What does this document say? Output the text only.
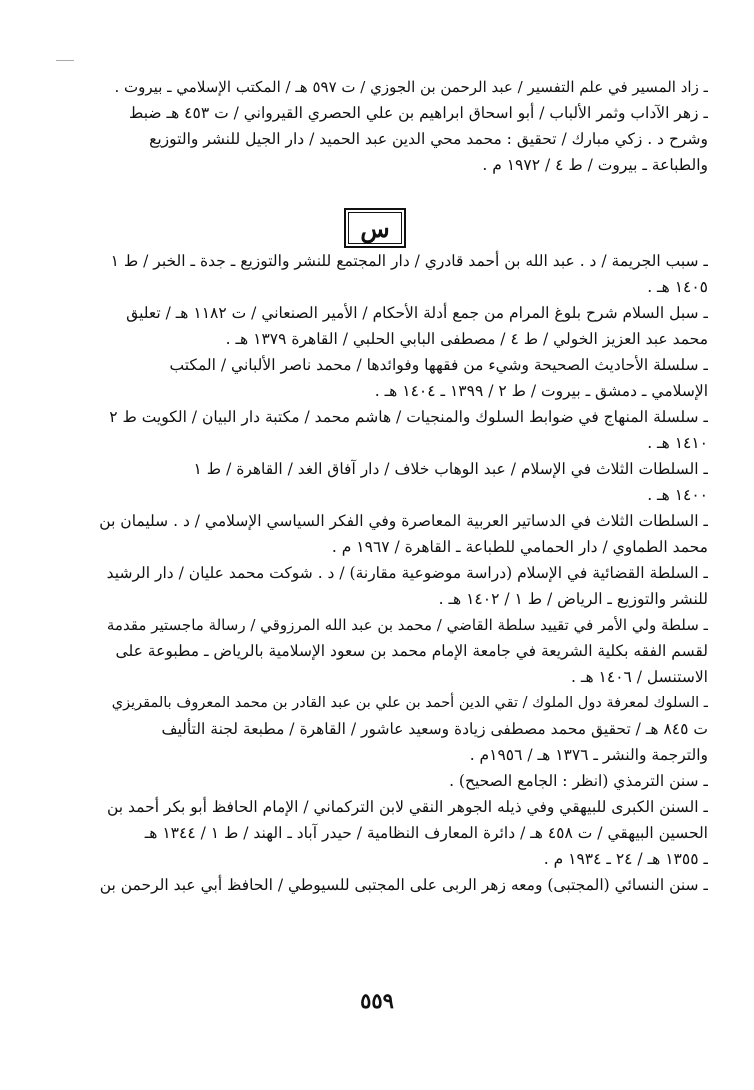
ـ زاد المسير في علم التفسير / عبد الرحمن بن الجوزي / ت ٥٩٧ هـ / المكتب الإسلامي ـ بيروت .
ـ زهر الآداب وثمر الألباب / أبو اسحاق ابراهيم بن علي الحصري القيرواني / ت ٤٥٣ هـ ضبط
وشرح د . زكي مبارك / تحقيق : محمد محي الدين عبد الحميد / دار الجيل للنشر والتوزيع
والطباعة ـ بيروت / ط ٤ / ١٩٧٢ م .
س
ـ سبب الجريمة / د . عبد الله بن أحمد قادري / دار المجتمع للنشر والتوزيع ـ جدة ـ الخبر / ط ١
١٤٠٥ هـ .
ـ سبل السلام شرح بلوغ المرام من جمع أدلة الأحكام / الأمير الصنعاني / ت ١١٨٢ هـ / تعليق
محمد عبد العزيز الخولي / ط ٤ / مصطفى البابي الحلبي / القاهرة ١٣٧٩ هـ .
ـ سلسلة الأحاديث الصحيحة وشيء من فقهها وفوائدها / محمد ناصر الألباني / المكتب
الإسلامي ـ دمشق ـ بيروت / ط ٢ / ١٣٩٩ ـ ١٤٠٤ هـ .
ـ سلسلة المنهاج في ضوابط السلوك والمنجيات / هاشم محمد / مكتبة دار البيان / الكويت ط ٢
١٤١٠ هـ .
ـ السلطات الثلاث في الإسلام / عبد الوهاب خلاف / دار آفاق الغد / القاهرة / ط ١
١٤٠٠ هـ .
ـ السلطات الثلاث في الدساتير العربية المعاصرة وفي الفكر السياسي الإسلامي / د . سليمان بن
محمد الطماوي / دار الحمامي للطباعة ـ القاهرة / ١٩٦٧ م .
ـ السلطة القضائية في الإسلام (دراسة موضوعية مقارنة) / د . شوكت محمد عليان / دار الرشيد
للنشر والتوزيع ـ الرياض / ط ١ / ١٤٠٢ هـ .
ـ سلطة ولي الأمر في تقييد سلطة القاضي / محمد بن عبد الله المرزوقي / رسالة ماجستير مقدمة
لقسم الفقه بكلية الشريعة في جامعة الإمام محمد بن سعود الإسلامية بالرياض ـ مطبوعة على
الاستنسل / ١٤٠٦ هـ .
ـ السلوك لمعرفة دول الملوك / تقي الدين أحمد بن علي بن عبد القادر بن محمد المعروف بالمقريزي
ت ٨٤٥ هـ / تحقيق محمد مصطفى زيادة وسعيد عاشور / القاهرة / مطبعة لجنة التأليف
والترجمة والنشر ـ ١٣٧٦ هـ / ١٩٥٦م .
ـ سنن الترمذي (انظر : الجامع الصحيح) .
ـ السنن الكبرى للبيهقي وفي ذيله الجوهر النقي لابن التركماني / الإمام الحافظ أبو بكر أحمد بن
الحسين البيهقي / ت ٤٥٨ هـ / دائرة المعارف النظامية / حيدر آباد ـ الهند / ط ١ / ١٣٤٤ هـ
ـ ١٣٥٥ هـ / ٢٤ ـ ١٩٣٤ م .
ـ سنن النسائي (المجتبى) ومعه زهر الربى على المجتبى للسيوطي / الحافظ أبي عبد الرحمن بن
٥٥٩
